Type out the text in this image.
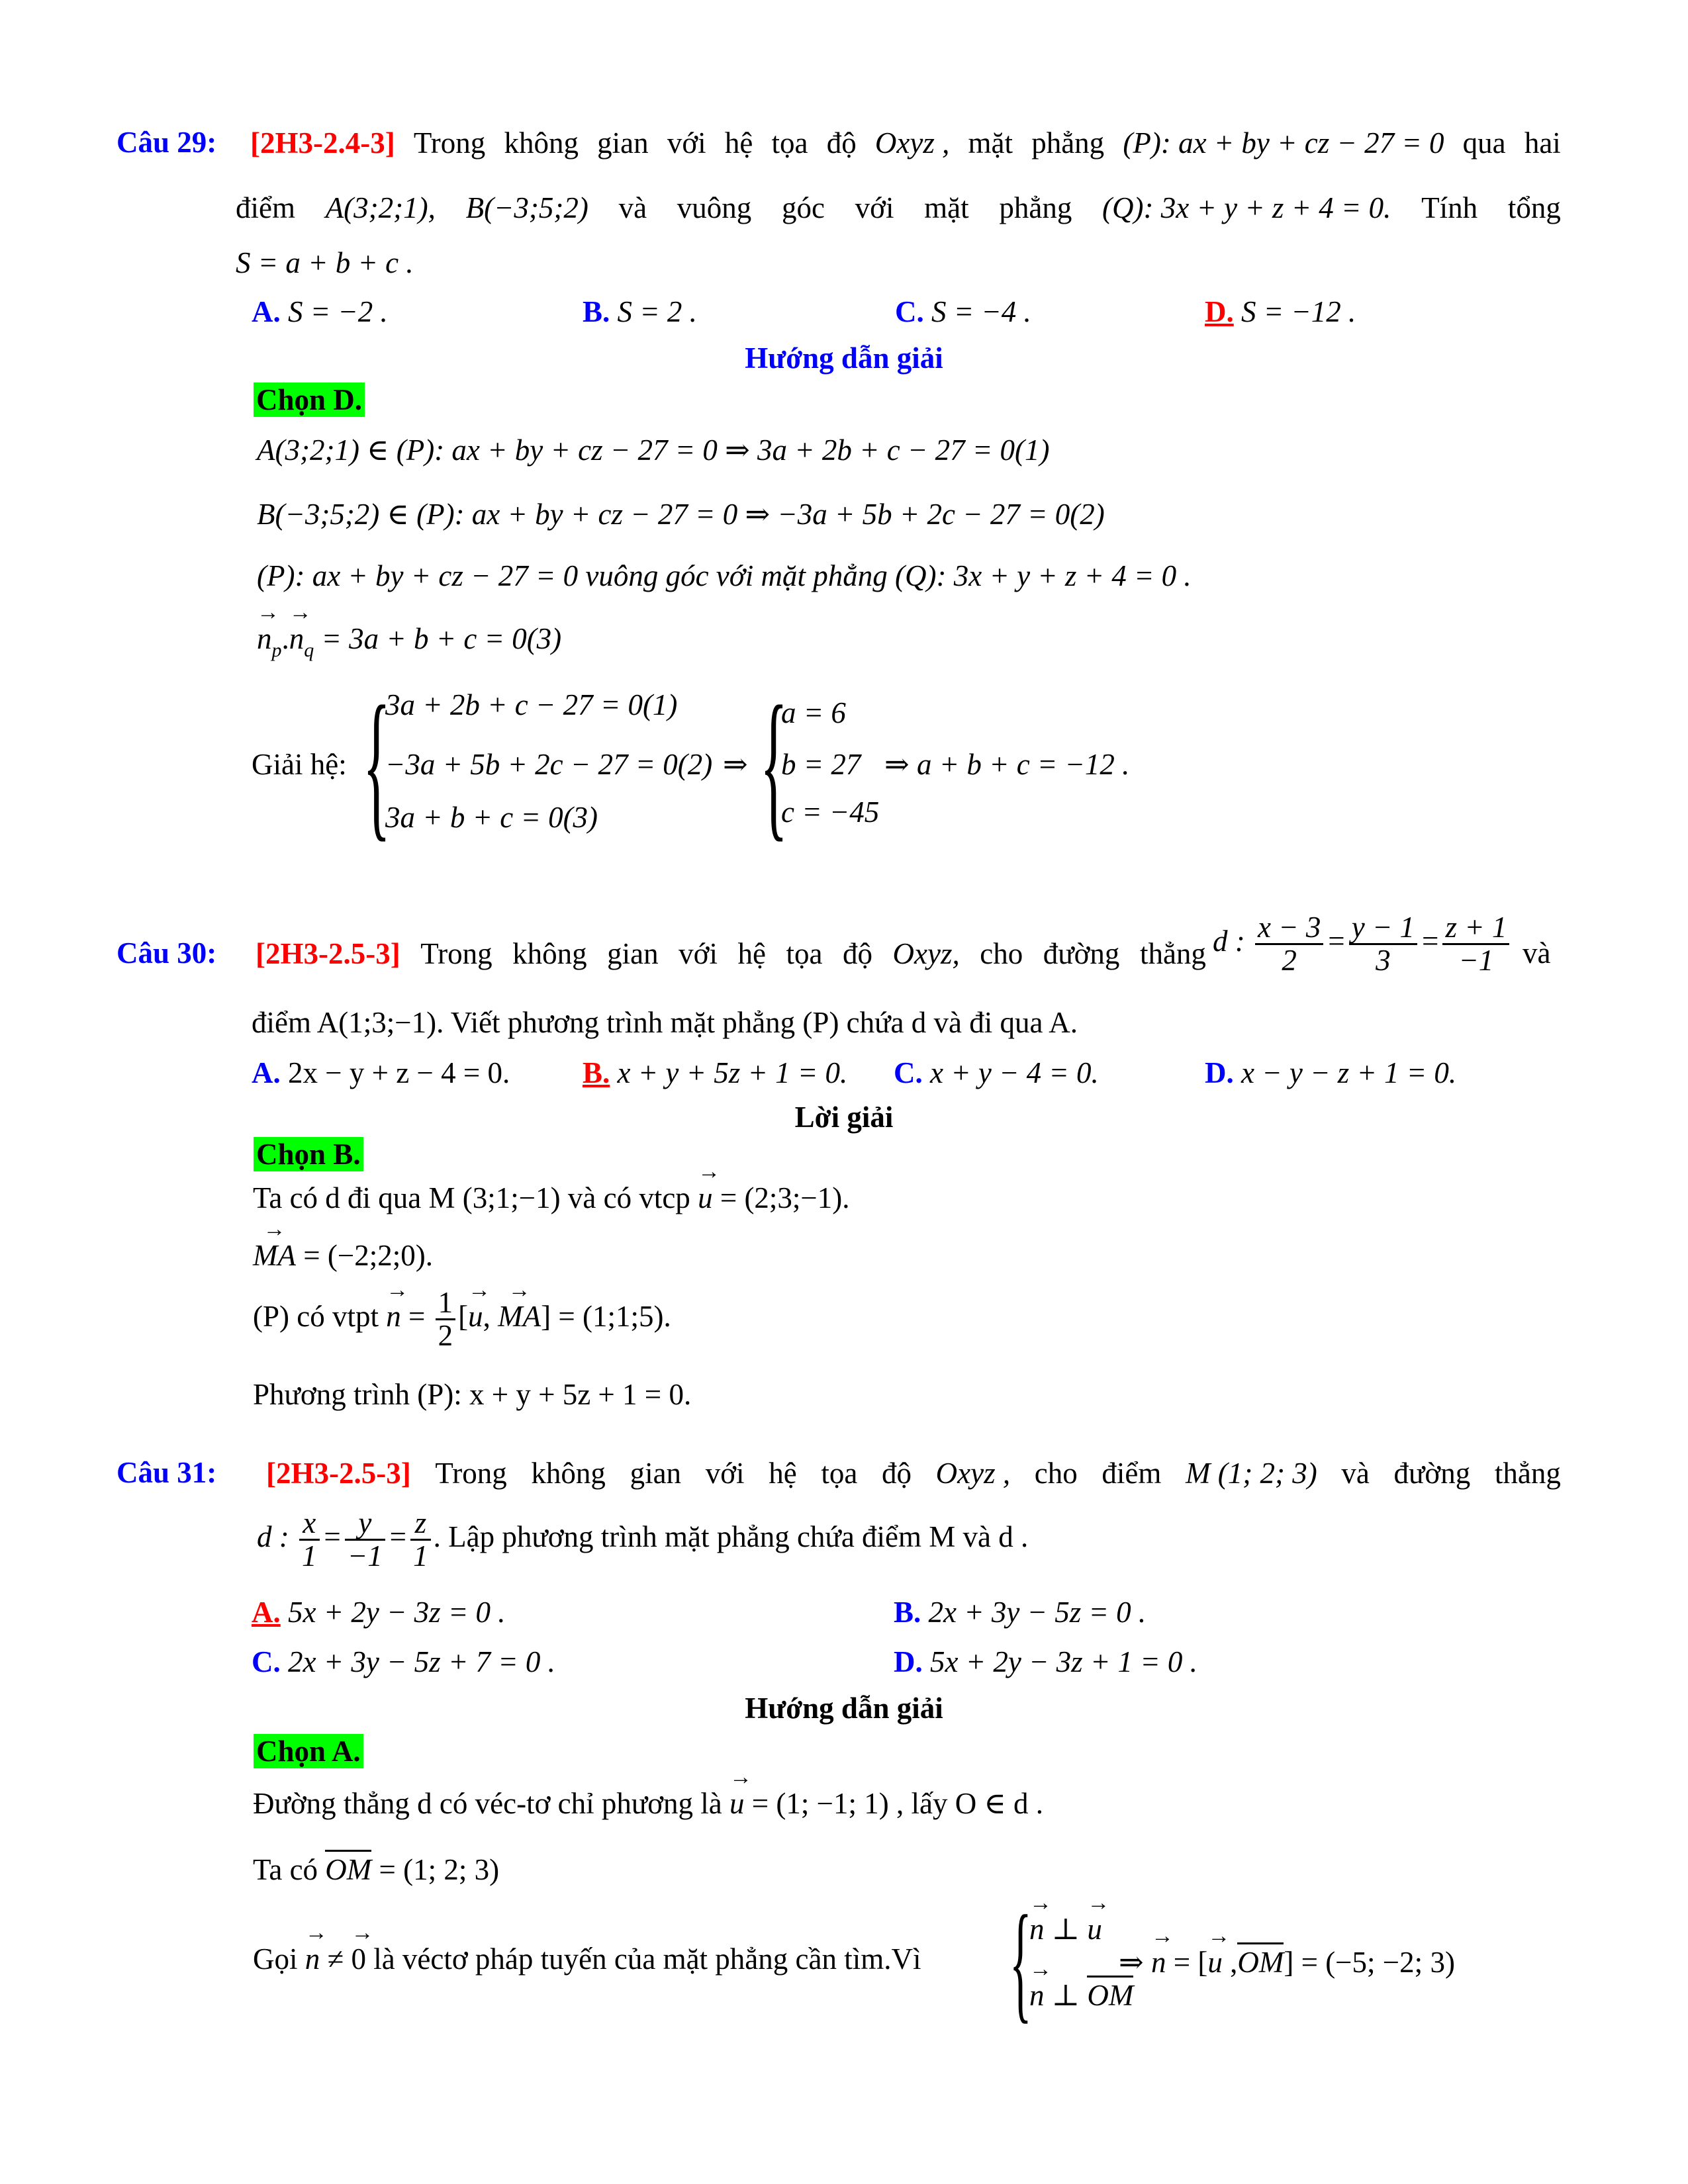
Câu 29: [2H3-2.4-3] Trong không gian với hệ tọa độ Oxyz , mặt phẳng (P): ax + by + cz − 27 = 0 qua hai
điểm A(3;2;1), B(−3;5;2) và vuông góc với mặt phẳng (Q): 3x + y + z + 4 = 0. Tính tổng
S = a + b + c .
A. S = −2 .	B. S = 2 .	C. S = −4 .	D. S = −12 .
Hướng dẫn giải
Chọn D.
A(3;2;1) ∈ (P): ax + by + cz − 27 = 0 ⇒ 3a + 2b + c − 27 = 0(1)
B(−3;5;2) ∈ (P): ax + by + cz − 27 = 0 ⇒ −3a + 5b + 2c − 27 = 0(2)
(P): ax + by + cz − 27 = 0 vuông góc với mặt phẳng (Q): 3x + y + z + 4 = 0 .
→ $n_p.\to n_q = 3a + b + c = 0(3)$
Giải hệ: {
3a + 2b + c − 27 = 0(1)
−3a + 5b + 2c − 27 = 0(2)
3a + b + c = 0(3)
⇒ {
a = 6
b = 27
c = −45
⇒ a + b + c = −12 .
Câu 30: [2H3-2.5-3] Trong không gian với hệ tọa độ Oxyz, cho đường thẳng d : $\frac{x - 3}{2} = \frac{y - 1}{3} = \frac{z + 1}{-1}$ và
điểm A(1;3;−1). Viết phương trình mặt phẳng (P) chứa d và đi qua A.
A. 2x − y + z − 4 = 0. B. x + y + 5z + 1 = 0. C. x + y − 4 = 0.	D. x − y − z + 1 = 0.
Lời giải
Chọn B.
Ta có d đi qua M (3;1;−1) và có vtcp → u = (2;3;−1).
→ MA = (−2;2;0).
(P) có vtpt → $n = \frac{1}{2}$ [→ u, → MA] = (1;1;5).
Phương trình (P): x + y + 5z + 1 = 0.
Câu 31: [2H3-2.5-3] Trong không gian với hệ tọa độ Oxyz , cho điểm M (1; 2; 3) và đường thẳng
d : $\frac{x}{1} = \frac{y}{-1} = \frac{z}{1}$ . Lập phương trình mặt phẳng chứa điểm M và d .
A. 5x + 2y − 3z = 0 .	B. 2x + 3y − 5z = 0 .
C. 2x + 3y − 5z + 7 = 0 .	D. 5x + 2y − 3z + 1 = 0 .
Hướng dẫn giải
Chọn A.
Đường thẳng d có véc-tơ chỉ phương là → u = (1; −1; 1) , lấy O ∈ d .
Ta có OM = (1; 2; 3)
Gọi → n ≠ → 0 là véctơ pháp tuyến của mặt phẳng cần tìm.Vì {
→ n ⊥ → u
→ n ⊥ OM
⇒ → n = [→ u ,OM] = (−5; −2; 3)
